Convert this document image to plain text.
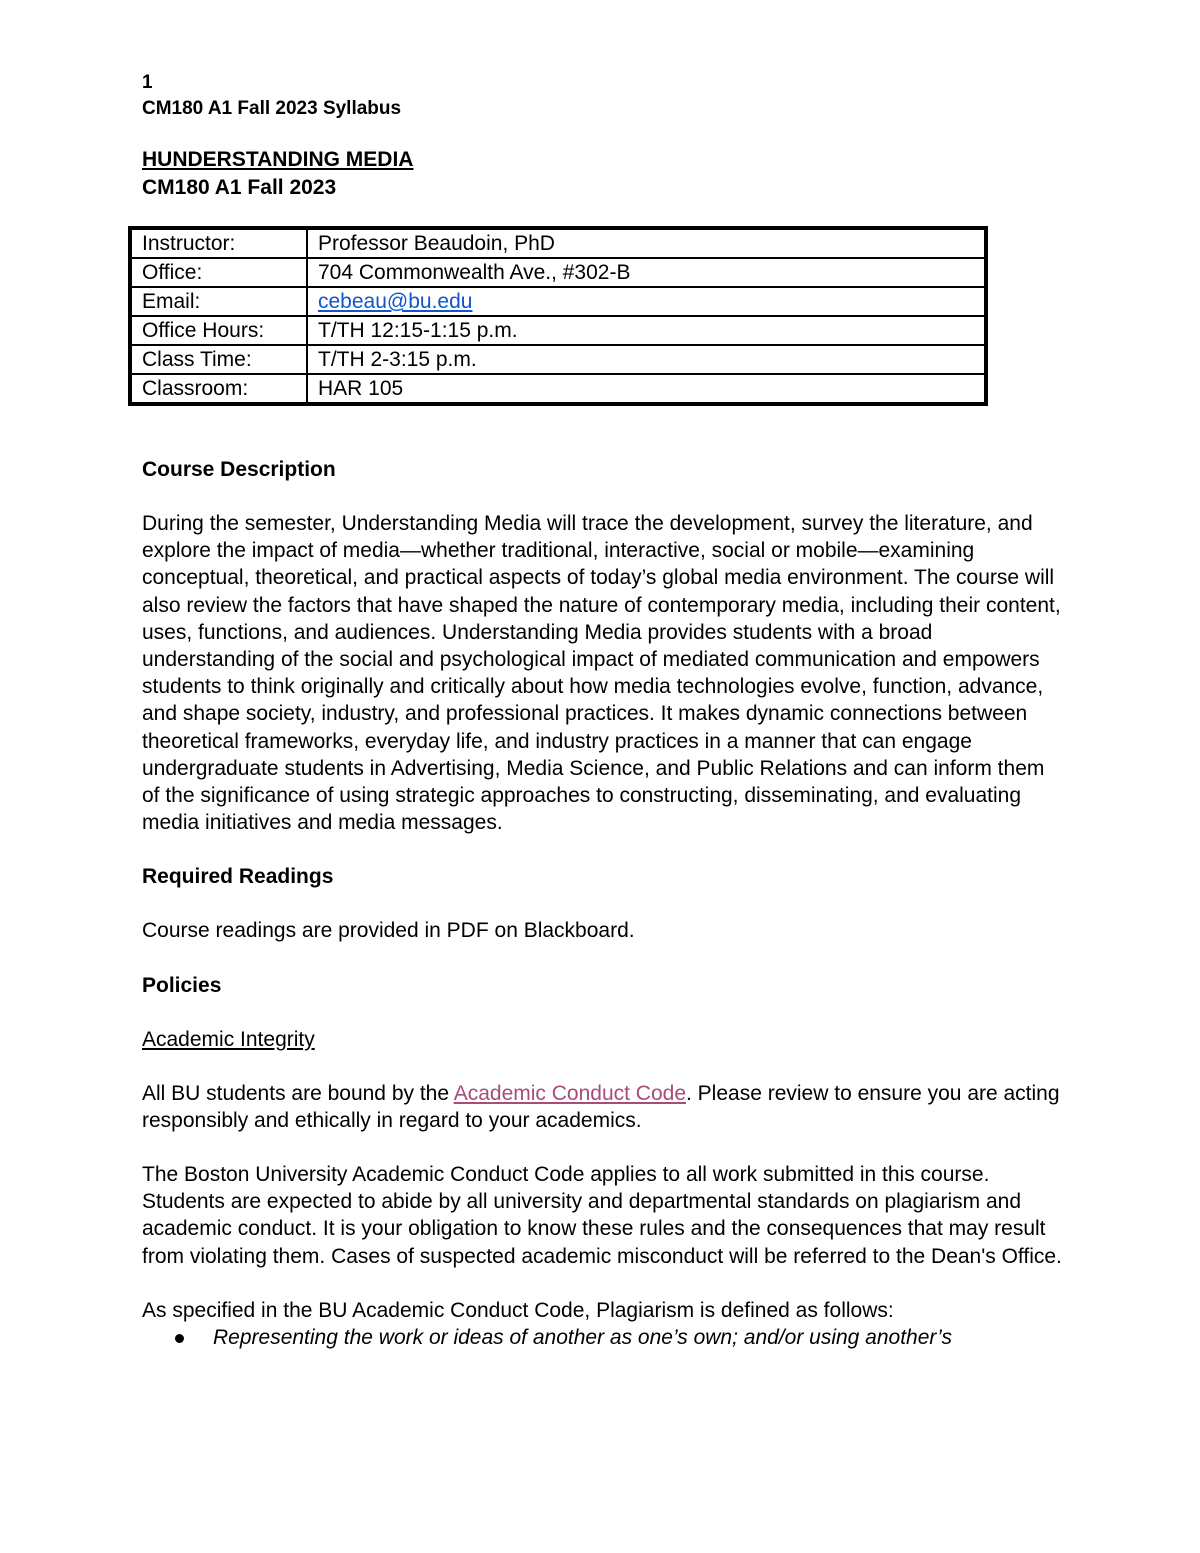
1

CM180 A1 Fall 2023 Syllabus

HUNDERSTANDING MEDIA

CM180 A1 Fall 2023

Instructor:	Professor Beaudoin, PhD
Office:	704 Commonwealth Ave., #302-B
Email:	cebeau@bu.edu
Office Hours:	T/TH 12:15-1:15 p.m.
Class Time:	T/TH 2-3:15 p.m.
Classroom:	HAR 105

Course Description

During the semester, Understanding Media will trace the development, survey the literature, and explore the impact of media—whether traditional, interactive, social or mobile—examining conceptual, theoretical, and practical aspects of today’s global media environment. The course will also review the factors that have shaped the nature of contemporary media, including their content, uses, functions, and audiences. Understanding Media provides students with a broad understanding of the social and psychological impact of mediated communication and empowers students to think originally and critically about how media technologies evolve, function, advance, and shape society, industry, and professional practices. It makes dynamic connections between theoretical frameworks, everyday life, and industry practices in a manner that can engage undergraduate students in Advertising, Media Science, and Public Relations and can inform them of the significance of using strategic approaches to constructing, disseminating, and evaluating media initiatives and media messages.

Required Readings

Course readings are provided in PDF on Blackboard.

Policies

Academic Integrity

All BU students are bound by the Academic Conduct Code. Please review to ensure you are acting responsibly and ethically in regard to your academics.

The Boston University Academic Conduct Code applies to all work submitted in this course. Students are expected to abide by all university and departmental standards on plagiarism and academic conduct. It is your obligation to know these rules and the consequences that may result from violating them. Cases of suspected academic misconduct will be referred to the Dean's Office.

As specified in the BU Academic Conduct Code, Plagiarism is defined as follows:

Representing the work or ideas of another as one’s own; and/or using another’s
